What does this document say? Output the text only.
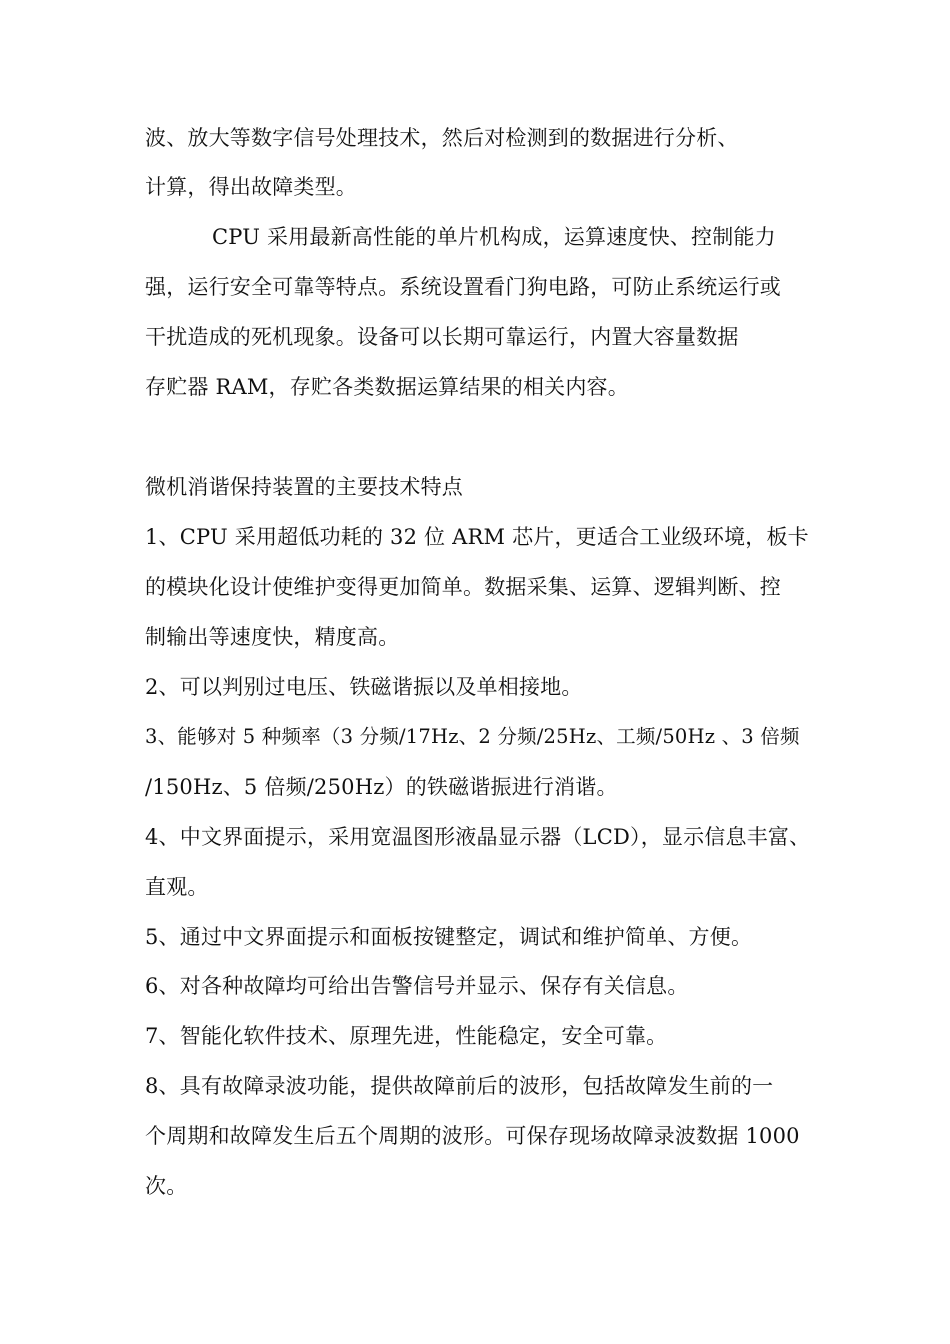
波、放大等数字信号处理技术，然后对检测到的数据进行分析、
计算，得出故障类型。
CPU 采用最新高性能的单片机构成，运算速度快、控制能力
强，运行安全可靠等特点。系统设置看门狗电路，可防止系统运行或
干扰造成的死机现象。设备可以长期可靠运行，内置大容量数据
存贮器 RAM，存贮各类数据运算结果的相关内容。
微机消谐保持装置的主要技术特点
1、CPU 采用超低功耗的 32 位 ARM 芯片，更适合工业级环境，板卡
的模块化设计使维护变得更加简单。数据采集、运算、逻辑判断、控
制输出等速度快，精度高。
2、可以判别过电压、铁磁谐振以及单相接地。
3、能够对 5 种频率（3 分频/17Hz、2 分频/25Hz、工频/50Hz 、3 倍频
/150Hz、5 倍频/250Hz）的铁磁谐振进行消谐。
4、中文界面提示，采用宽温图形液晶显示器（LCD），显示信息丰富、
直观。
5、通过中文界面提示和面板按键整定，调试和维护简单、方便。
6、对各种故障均可给出告警信号并显示、保存有关信息。
7、智能化软件技术、原理先进，性能稳定，安全可靠。
8、具有故障录波功能，提供故障前后的波形，包括故障发生前的一
个周期和故障发生后五个周期的波形。可保存现场故障录波数据 1000
次。
